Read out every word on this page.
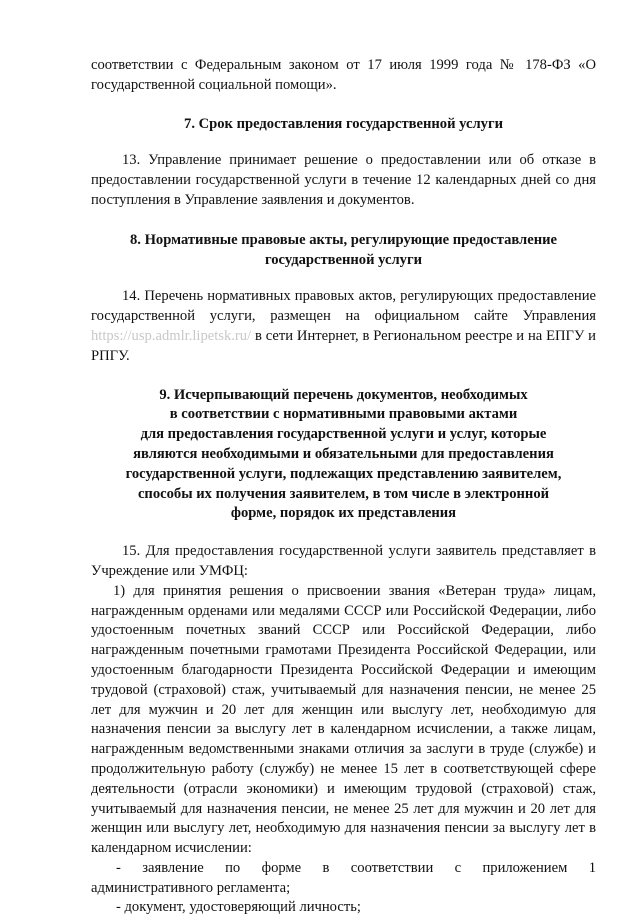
соответствии с Федеральным законом от 17 июля 1999 года № 178-ФЗ «О государственной социальной помощи».

7. Срок предоставления государственной услуги

13. Управление принимает решение о предоставлении или об отказе в предоставлении государственной услуги в течение 12 календарных дней со дня поступления в Управление заявления и документов.

8. Нормативные правовые акты, регулирующие предоставление государственной услуги

14. Перечень нормативных правовых актов, регулирующих предоставление государственной услуги, размещен на официальном сайте Управления https://usp.admlr.lipetsk.ru/ в сети Интернет, в Региональном реестре и на ЕПГУ и РПГУ.

9. Исчерпывающий перечень документов, необходимых
в соответствии с нормативными правовыми актами
для предоставления государственной услуги и услуг, которые
являются необходимыми и обязательными для предоставления
государственной услуги, подлежащих представлению заявителем,
способы их получения заявителем, в том числе в электронной
форме, порядок их представления

15. Для предоставления государственной услуги заявитель представляет в Учреждение или УМФЦ:

1) для принятия решения о присвоении звания «Ветеран труда» лицам, награжденным орденами или медалями СССР или Российской Федерации, либо удостоенным почетных званий СССР или Российской Федерации, либо награжденным почетными грамотами Президента Российской Федерации, или удостоенным благодарности Президента Российской Федерации и имеющим трудовой (страховой) стаж, учитываемый для назначения пенсии, не менее 25 лет для мужчин и 20 лет для женщин или выслугу лет, необходимую для назначения пенсии за выслугу лет в календарном исчислении, а также лицам, награжденным ведомственными знаками отличия за заслуги в труде (службе) и продолжительную работу (службу) не менее 15 лет в соответствующей сфере деятельности (отрасли экономики) и имеющим трудовой (страховой) стаж, учитываемый для назначения пенсии, не менее 25 лет для мужчин и 20 лет для женщин или выслугу лет, необходимую для назначения пенсии за выслугу лет в календарном исчислении:

- заявление по форме в соответствии с приложением 1

административного регламента;

- документ, удостоверяющий личность;
